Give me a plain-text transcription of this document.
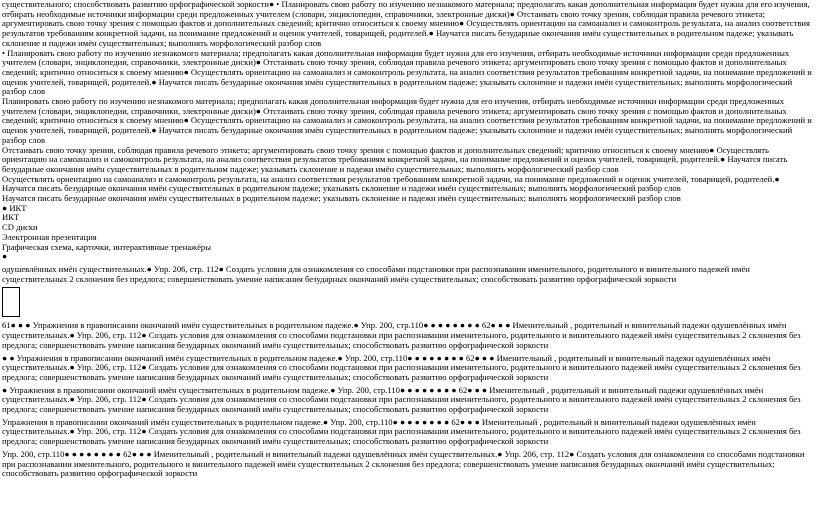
существительного; способствовать развитию орфографической зоркости● • Планировать свою работу по изучению незнакомого материала; предполагать какая дополнительная информация будет нужна для его изучения, отбирать необходимые источники информации среди предложенных учителем (словари, энциклопедии, справочники, электронные диски)● Отстаивать свою точку зрения, соблюдая правила речевого этикета; аргументировать свою точку зрения с помощью фактов и дополнительных сведений; критично относиться к своему мнению● Осуществлять ориентацию на самоанализ и самоконтроль результата, на анализ соответствия результатов требованиям конкретной задачи, на понимание предложений и оценок учителей, товарищей, родителей.● Научатся писать безударные окончания имён существительных в родительном падеже; указывать склонение и падежи имён существительных; выполнять морфологический разбор слов

• Планировать свою работу по изучению незнакомого материала; предполагать какая дополнительная информация будет нужна для его изучения, отбирать необходимые источники информации среди предложенных учителем (словари, энциклопедии, справочники, электронные диски)● Отстаивать свою точку зрения, соблюдая правила речевого этикета; аргументировать свою точку зрения с помощью фактов и дополнительных сведений; критично относиться к своему мнению● Осуществлять ориентацию на самоанализ и самоконтроль результата, на анализ соответствия результатов требованиям конкретной задачи, на понимание предложений и оценок учителей, товарищей, родителей.● Научатся писать безударные окончания имён существительных в родительном падеже; указывать склонение и падежи имён существительных; выполнять морфологический разбор слов

Планировать свою работу по изучению незнакомого материала; предполагать какая дополнительная информация будет нужна для его изучения, отбирать необходимые источники информации среди предложенных учителем (словари, энциклопедии, справочники, электронные диски)● Отстаивать свою точку зрения, соблюдая правила речевого этикета; аргументировать свою точку зрения с помощью фактов и дополнительных сведений; критично относиться к своему мнению● Осуществлять ориентацию на самоанализ и самоконтроль результата, на анализ соответствия результатов требованиям конкретной задачи, на понимание предложений и оценок учителей, товарищей, родителей.● Научатся писать безударные окончания имён существительных в родительном падеже; указывать склонение и падежи имён существительных; выполнять морфологический разбор слов

Отстаивать свою точку зрения, соблюдая правила речевого этикета; аргументировать свою точку зрения с помощью фактов и дополнительных сведений; критично относиться к своему мнению● Осуществлять ориентацию на самоанализ и самоконтроль результата, на анализ соответствия результатов требованиям конкретной задачи, на понимание предложений и оценок учителей, товарищей, родителей.● Научатся писать безударные окончания имён существительных в родительном падеже; указывать склонение и падежи имён существительных; выполнять морфологический разбор слов

Осуществлять ориентацию на самоанализ и самоконтроль результата, на анализ соответствия результатов требованиям конкретной задачи, на понимание предложений и оценок учителей, товарищей, родителей.● Научатся писать безударные окончания имён существительных в родительном падеже; указывать склонение и падежи имён существительных; выполнять морфологический разбор слов

Научатся писать безударные окончания имён существительных в родительном падеже; указывать склонение и падежи имён существительных; выполнять морфологический разбор слов

● ИКТ

ИКТ

CD диски

Электронная презентация

Графическая схема, карточки, интерактивные тренажёры

●

одушевлённых имён существительных.● Упр. 206, стр. 112● Создать условия для ознакомления со способами подстановки при распознавании именительного, родительного и винительного падежей имён существительных 2 склонения без предлога; совершенствовать умение написания безударных окончаний имён существительных; способствовать развитию орфографической зоркости

61● ● ● Упражнения в правописании окончаний имён существительных в родительном падеже.● Упр. 200, стр.110● ● ● ● ● ● ● ● 62● ● ● Именительный , родительный и винительный падежи одушевлённых имён существительных.● Упр. 206, стр. 112● Создать условия для ознакомления со способами подстановки при распознавании именительного, родительного и винительного падежей имён существительных 2 склонения без предлога; совершенствовать умение написания безударных окончаний имён существительных; способствовать развитию орфографической зоркости

● ● Упражнения в правописании окончаний имён существительных в родительном падеже.● Упр. 200, стр.110● ● ● ● ● ● ● ● 62● ● ● Именительный , родительный и винительный падежи одушевлённых имён существительных.● Упр. 206, стр. 112● Создать условия для ознакомления со способами подстановки при распознавании именительного, родительного и винительного падежей имён существительных 2 склонения без предлога; совершенствовать умение написания безударных окончаний имён существительных; способствовать развитию орфографической зоркости

● Упражнения в правописании окончаний имён существительных в родительном падеже.● Упр. 200, стр.110● ● ● ● ● ● ● ● 62● ● ● Именительный , родительный и винительный падежи одушевлённых имён существительных.● Упр. 206, стр. 112● Создать условия для ознакомления со способами подстановки при распознавании именительного, родительного и винительного падежей имён существительных 2 склонения без предлога; совершенствовать умение написания безударных окончаний имён существительных; способствовать развитию орфографической зоркости

Упражнения в правописании окончаний имён существительных в родительном падеже.● Упр. 200, стр.110● ● ● ● ● ● ● ● 62● ● ● Именительный , родительный и винительный падежи одушевлённых имён существительных.● Упр. 206, стр. 112● Создать условия для ознакомления со способами подстановки при распознавании именительного, родительного и винительного падежей имён существительных 2 склонения без предлога; совершенствовать умение написания безударных окончаний имён существительных; способствовать развитию орфографической зоркости

Упр. 200, стр.110● ● ● ● ● ● ● ● 62● ● ● Именительный , родительный и винительный падежи одушевлённых имён существительных.● Упр. 206, стр. 112● Создать условия для ознакомления со способами подстановки при распознавании именительного, родительного и винительного падежей имён существительных 2 склонения без предлога; совершенствовать умение написания безударных окончаний имён существительных; способствовать развитию орфографической зоркости
